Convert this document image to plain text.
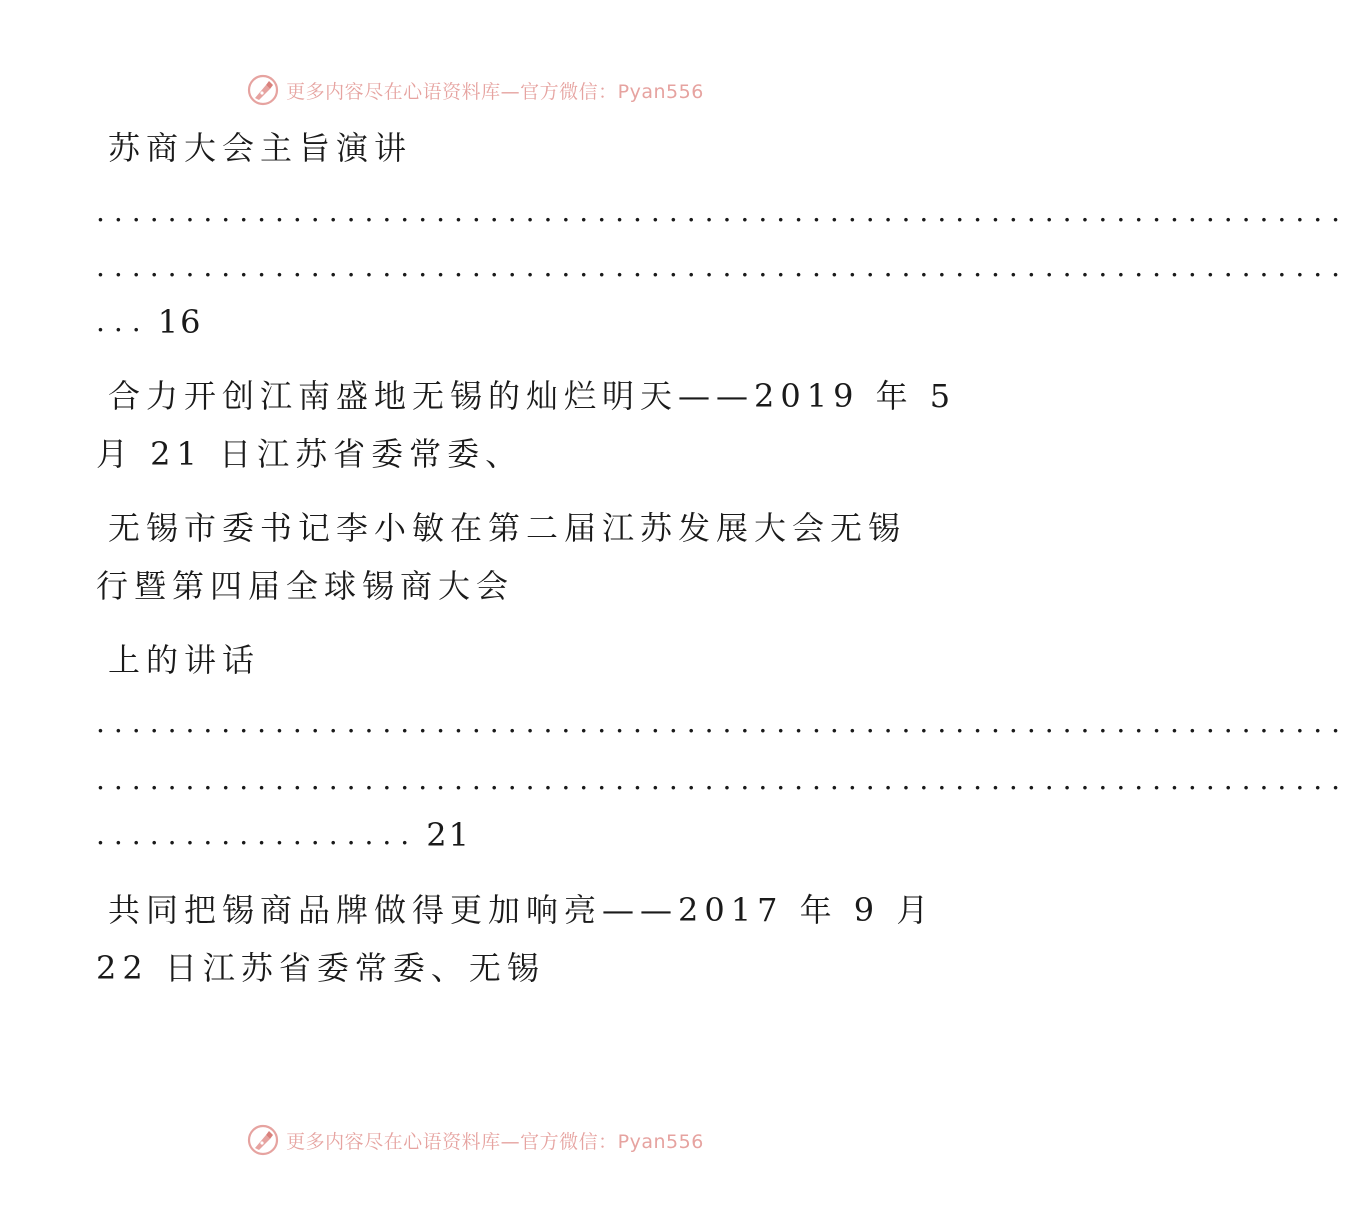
更多内容尽在心语资料库—官方微信：Pyan556
苏商大会主旨演讲
......................................................................
......................................................................
... 16
合力开创江南盛地无锡的灿烂明天——2019 年 5
月 21 日江苏省委常委、
无锡市委书记李小敏在第二届江苏发展大会无锡
行暨第四届全球锡商大会
上的讲话
......................................................................
......................................................................
.................. 21
共同把锡商品牌做得更加响亮——2017 年 9 月
22 日江苏省委常委、无锡
更多内容尽在心语资料库—官方微信：Pyan556
